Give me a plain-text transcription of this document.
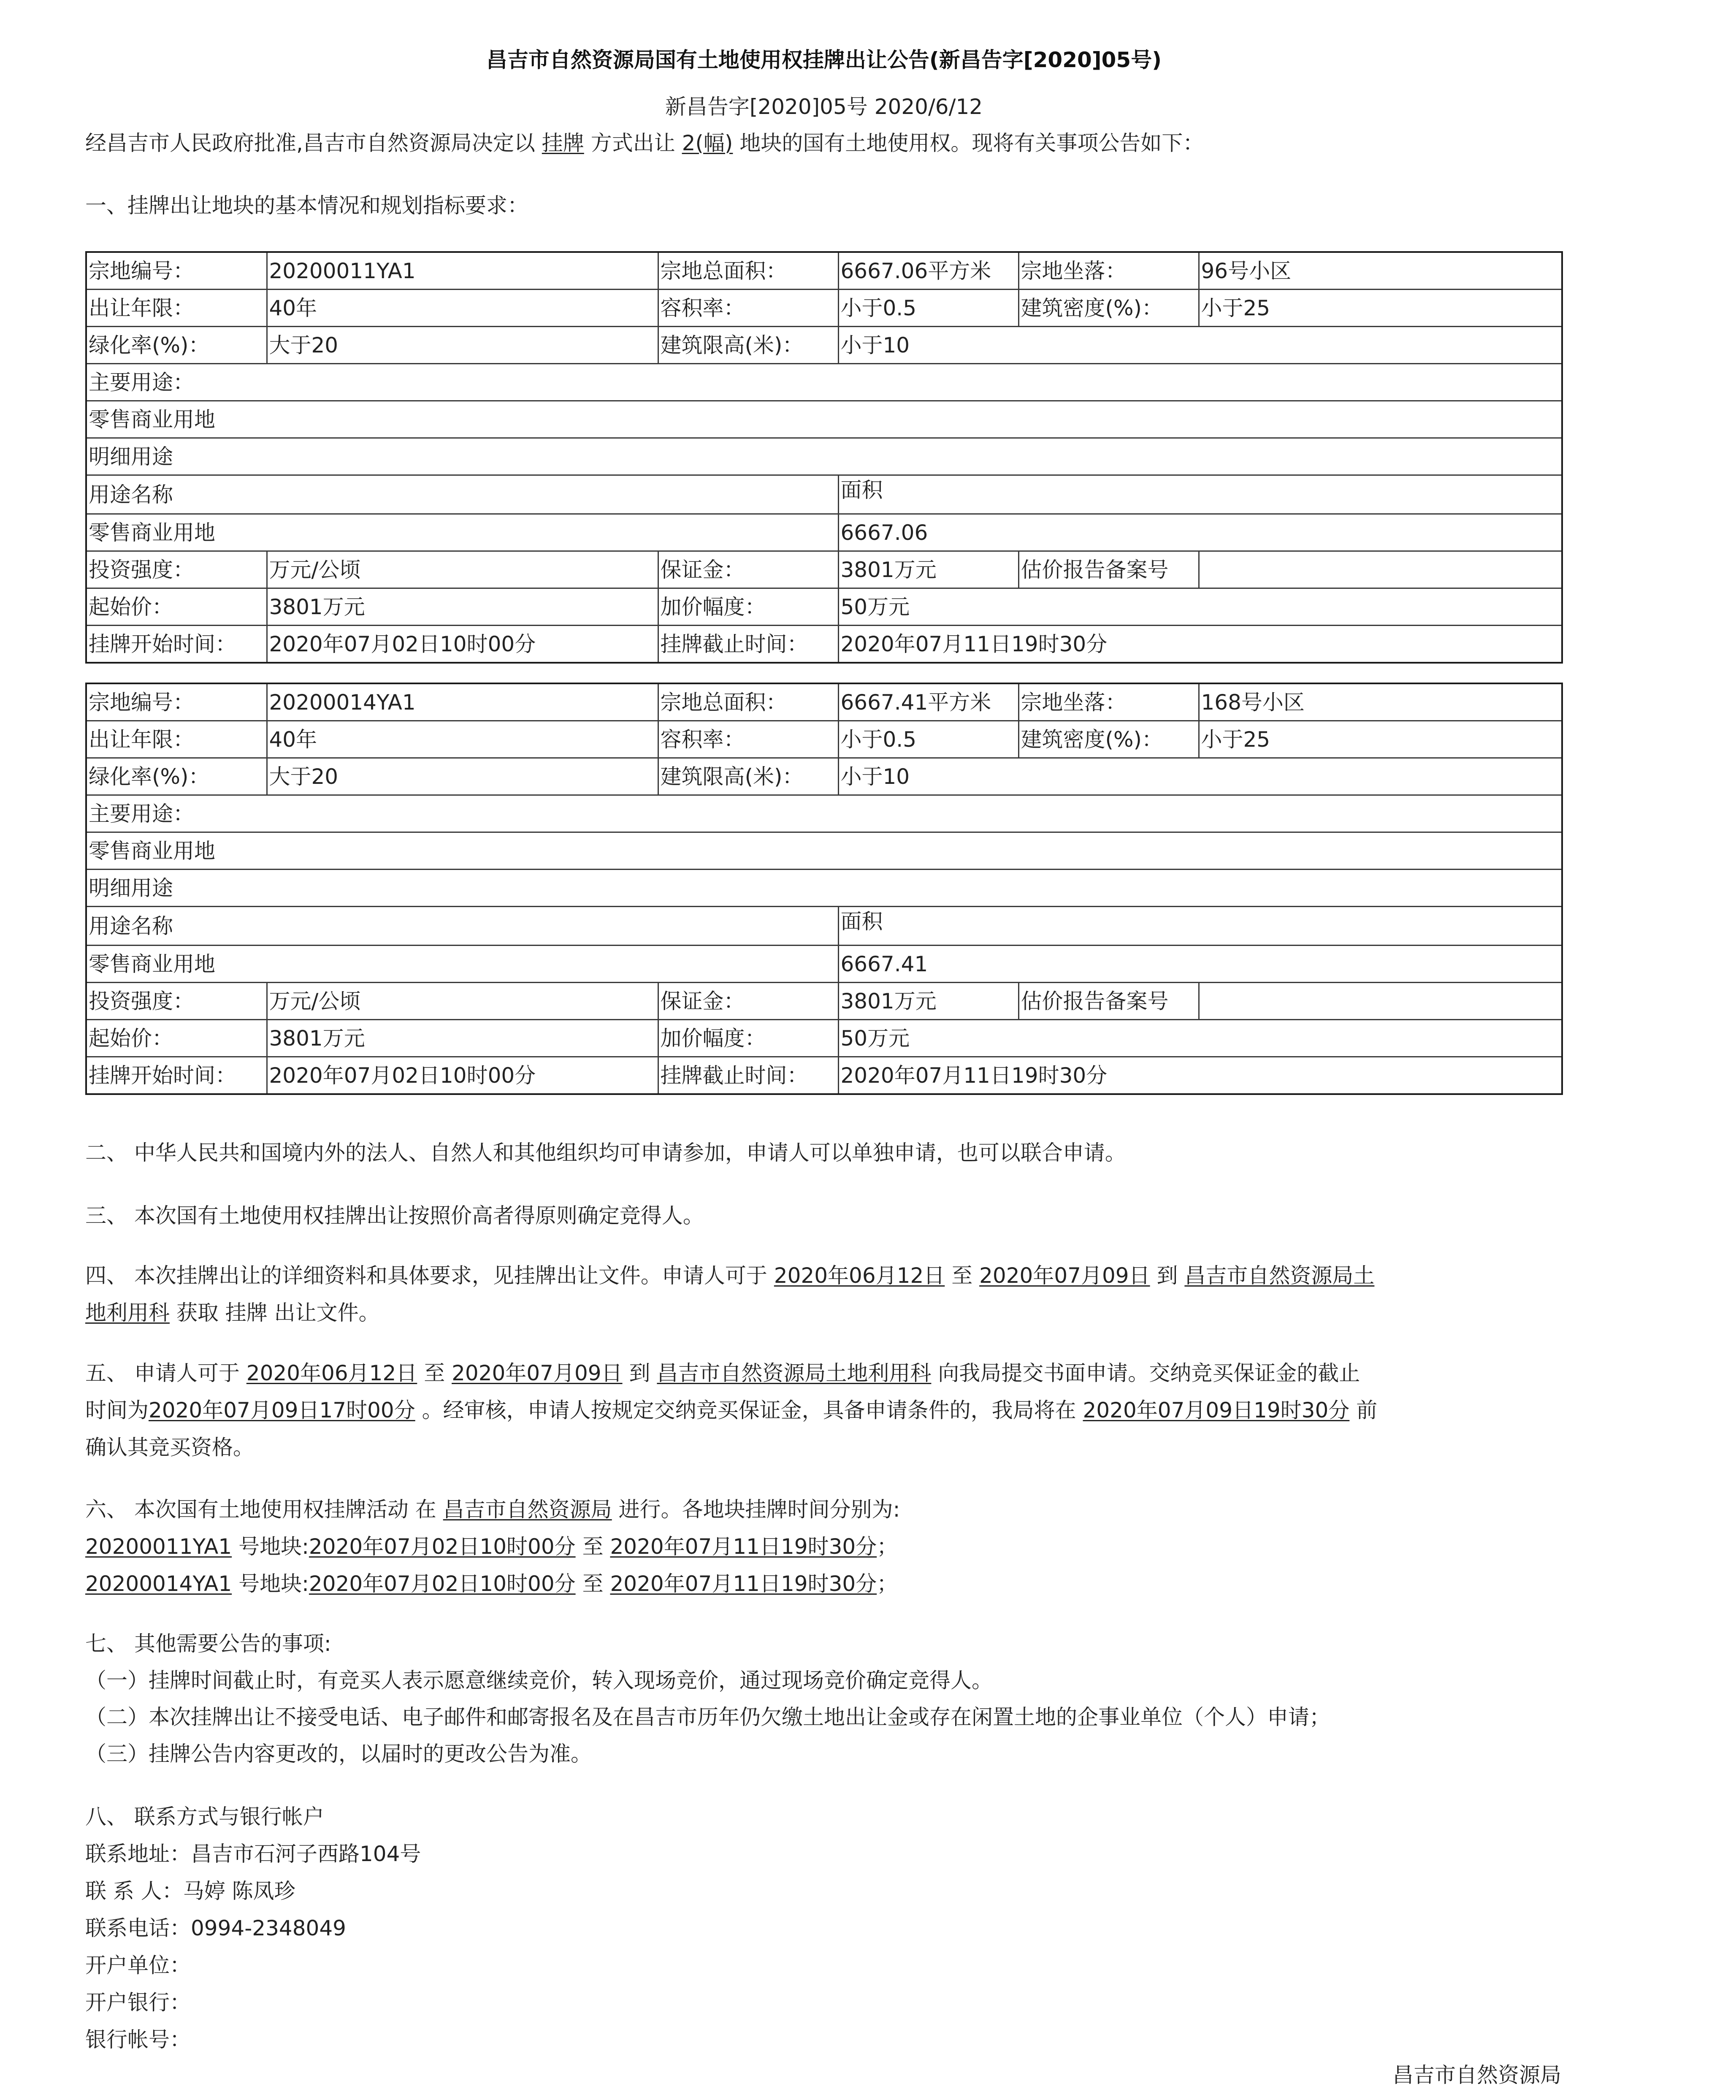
昌吉市自然资源局国有土地使用权挂牌出让公告(新昌告字[2020]05号)
新昌告字[2020]05号 2020/6/12
经昌吉市人民政府批准,昌吉市自然资源局决定以 挂牌 方式出让 2(幅) 地块的国有土地使用权。现将有关事项公告如下：
一、挂牌出让地块的基本情况和规划指标要求：
宗地编号：	20200011YA1	宗地总面积：	6667.06平方米	宗地坐落：	96号小区
出让年限：	40年	容积率：	小于0.5	建筑密度(%)：	小于25
绿化率(%)：	大于20	建筑限高(米)：	小于10		
主要用途：					
零售商业用地					
明细用途					
用途名称			面积		
零售商业用地			6667.06		
投资强度：	万元/公顷	保证金：	3801万元	估价报告备案号	
起始价：	3801万元	加价幅度：	50万元		
挂牌开始时间：	2020年07月02日10时00分	挂牌截止时间：	2020年07月11日19时30分		
宗地编号：	20200014YA1	宗地总面积：	6667.41平方米	宗地坐落：	168号小区
出让年限：	40年	容积率：	小于0.5	建筑密度(%)：	小于25
绿化率(%)：	大于20	建筑限高(米)：	小于10		
主要用途：					
零售商业用地					
明细用途					
用途名称			面积		
零售商业用地			6667.41		
投资强度：	万元/公顷	保证金：	3801万元	估价报告备案号	
起始价：	3801万元	加价幅度：	50万元		
挂牌开始时间：	2020年07月02日10时00分	挂牌截止时间：	2020年07月11日19时30分		
二、 中华人民共和国境内外的法人、自然人和其他组织均可申请参加，申请人可以单独申请，也可以联合申请。
三、 本次国有土地使用权挂牌出让按照价高者得原则确定竞得人。
四、 本次挂牌出让的详细资料和具体要求，见挂牌出让文件。申请人可于 2020年06月12日 至 2020年07月09日 到 昌吉市自然资源局土
地利用科 获取 挂牌 出让文件。
五、 申请人可于 2020年06月12日 至 2020年07月09日 到 昌吉市自然资源局土地利用科 向我局提交书面申请。交纳竞买保证金的截止
时间为2020年07月09日17时00分 。经审核，申请人按规定交纳竞买保证金，具备申请条件的，我局将在 2020年07月09日19时30分 前
确认其竞买资格。
六、 本次国有土地使用权挂牌活动 在 昌吉市自然资源局 进行。各地块挂牌时间分别为:
20200011YA1 号地块:2020年07月02日10时00分 至 2020年07月11日19时30分；
20200014YA1 号地块:2020年07月02日10时00分 至 2020年07月11日19时30分；
七、 其他需要公告的事项:
（一）挂牌时间截止时，有竞买人表示愿意继续竞价，转入现场竞价，通过现场竞价确定竞得人。
（二）本次挂牌出让不接受电话、电子邮件和邮寄报名及在昌吉市历年仍欠缴土地出让金或存在闲置土地的企事业单位（个人）申请；
（三）挂牌公告内容更改的，以届时的更改公告为准。
八、 联系方式与银行帐户
联系地址：昌吉市石河子西路104号
联 系 人：马婷 陈凤珍
联系电话：0994-2348049
开户单位：
开户银行：
银行帐号：
昌吉市自然资源局
